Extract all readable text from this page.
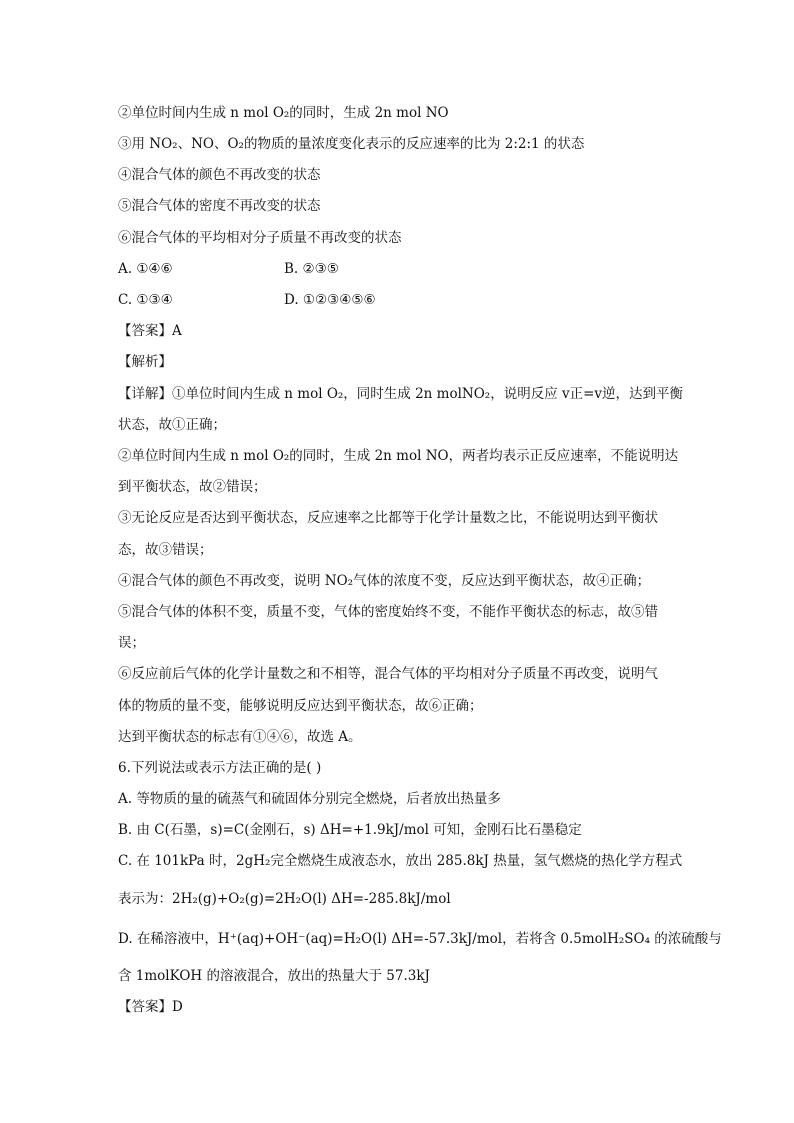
②单位时间内生成 n mol O₂的同时，生成 2n mol NO
③用 NO₂、NO、O₂的物质的量浓度变化表示的反应速率的比为 2:2:1 的状态
④混合气体的颜色不再改变的状态
⑤混合气体的密度不再改变的状态
⑥混合气体的平均相对分子质量不再改变的状态
A. ①④⑥	B. ②③⑤
C. ①③④	D. ①②③④⑤⑥
【答案】A
【解析】
【详解】①单位时间内生成 n mol O₂，同时生成 2n molNO₂，说明反应 v正=v逆，达到平衡
状态，故①正确；
②单位时间内生成 n mol O₂的同时，生成 2n mol NO，两者均表示正反应速率，不能说明达
到平衡状态，故②错误；
③无论反应是否达到平衡状态，反应速率之比都等于化学计量数之比，不能说明达到平衡状
态，故③错误；
④混合气体的颜色不再改变，说明 NO₂气体的浓度不变，反应达到平衡状态，故④正确；
⑤混合气体的体积不变，质量不变，气体的密度始终不变，不能作平衡状态的标志，故⑤错
误；
⑥反应前后气体的化学计量数之和不相等，混合气体的平均相对分子质量不再改变，说明气
体的物质的量不变，能够说明反应达到平衡状态，故⑥正确；
达到平衡状态的标志有①④⑥，故选 A。
6.下列说法或表示方法正确的是( )
A. 等物质的量的硫蒸气和硫固体分别完全燃烧，后者放出热量多
B. 由 C(石墨，s)=C(金刚石，s) ΔH=+1.9kJ/mol 可知，金刚石比石墨稳定
C. 在 101kPa 时，2gH₂完全燃烧生成液态水，放出 285.8kJ 热量，氢气燃烧的热化学方程式
表示为：2H₂(g)+O₂(g)=2H₂O(l) ΔH=-285.8kJ/mol
D. 在稀溶液中，H⁺(aq)+OH⁻(aq)=H₂O(l) ΔH=-57.3kJ/mol，若将含 0.5molH₂SO₄ 的浓硫酸与
含 1molKOH 的溶液混合，放出的热量大于 57.3kJ
【答案】D
